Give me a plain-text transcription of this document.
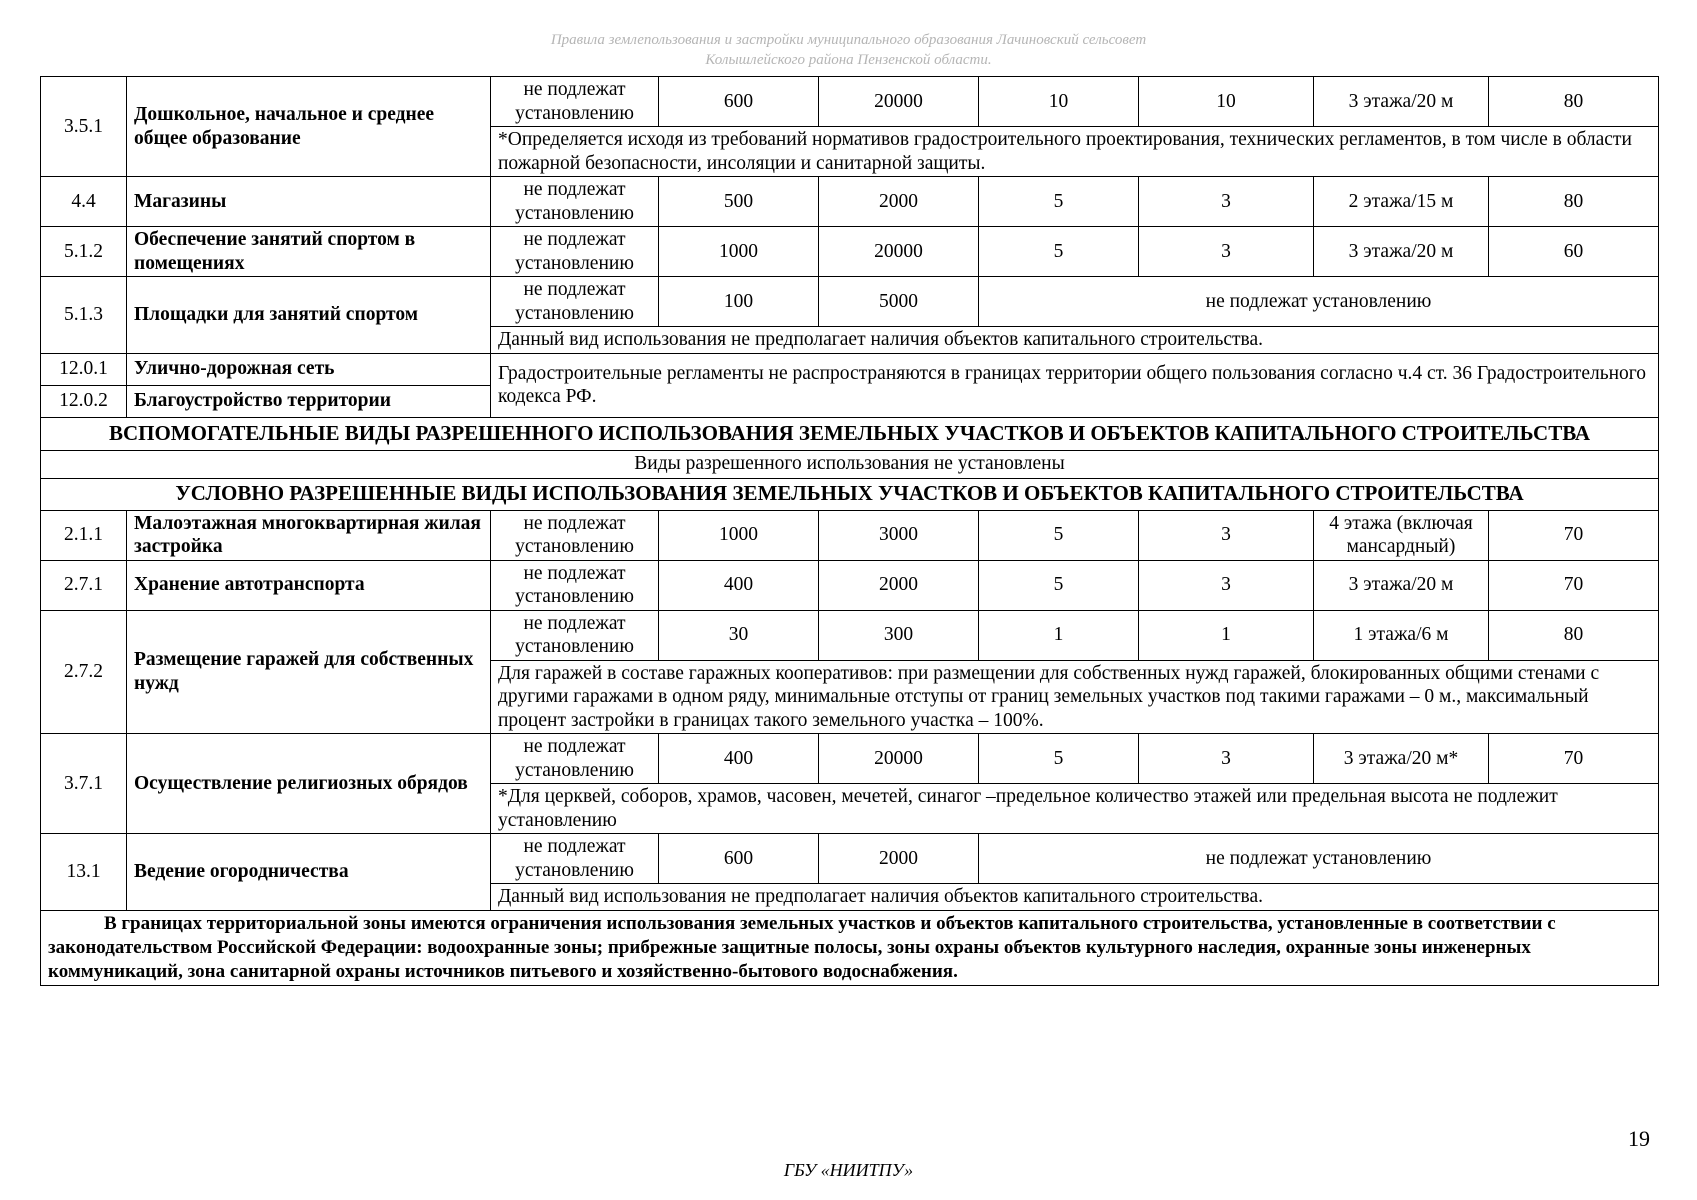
Правила землепользования и застройки муниципального образования Лачиновский сельсовет
Колышлейского района Пензенской области.
3.5.1	Дошкольное, начальное и среднее общее образование	не подлежат установлению	600	20000	10	10	3 этажа/20 м	80
		*Определяется исходя из требований нормативов градостроительного проектирования, технических регламентов, в том числе в области пожарной безопасности, инсоляции и санитарной защиты.						
4.4	Магазины	не подлежат установлению	500	2000	5	3	2 этажа/15 м	80
5.1.2	Обеспечение занятий спортом в помещениях	не подлежат установлению	1000	20000	5	3	3 этажа/20 м	60
5.1.3	Площадки для занятий спортом	не подлежат установлению	100	5000	не подлежат установлению			
		Данный вид использования не предполагает наличия объектов капитального строительства.						
12.0.1	Улично-дорожная сеть	Градостроительные регламенты не распространяются в границах территории общего пользования согласно ч.4 ст. 36 Градостроительного кодекса РФ.						
12.0.2	Благоустройство территории							
ВСПОМОГАТЕЛЬНЫЕ ВИДЫ РАЗРЕШЕННОГО ИСПОЛЬЗОВАНИЯ ЗЕМЕЛЬНЫХ УЧАСТКОВ И ОБЪЕКТОВ КАПИТАЛЬНОГО СТРОИТЕЛЬСТВА								
Виды разрешенного использования не установлены								
УСЛОВНО РАЗРЕШЕННЫЕ ВИДЫ ИСПОЛЬЗОВАНИЯ ЗЕМЕЛЬНЫХ УЧАСТКОВ И ОБЪЕКТОВ КАПИТАЛЬНОГО СТРОИТЕЛЬСТВА								
2.1.1	Малоэтажная многоквартирная жилая застройка	не подлежат установлению	1000	3000	5	3	4 этажа (включая мансардный)	70
2.7.1	Хранение автотранспорта	не подлежат установлению	400	2000	5	3	3 этажа/20 м	70
2.7.2	Размещение гаражей для собственных нужд	не подлежат установлению	30	300	1	1	1 этажа/6 м	80
		Для гаражей в составе гаражных кооперативов: при размещении для собственных нужд гаражей, блокированных общими стенами с другими гаражами в одном ряду, минимальные отступы от границ земельных участков под такими гаражами – 0 м., максимальный процент застройки в границах такого земельного участка – 100%.						
3.7.1	Осуществление религиозных обрядов	не подлежат установлению	400	20000	5	3	3 этажа/20 м*	70
		*Для церквей, соборов, храмов, часовен, мечетей, синагог –предельное количество этажей или предельная высота не подлежит установлению						
13.1	Ведение огородничества	не подлежат установлению	600	2000	не подлежат установлению			
		Данный вид использования не предполагает наличия объектов капитального строительства.						
В границах территориальной зоны имеются ограничения использования земельных участков и объектов капитального строительства, установленные в соответствии с законодательством Российской Федерации: водоохранные зоны; прибрежные защитные полосы, зоны охраны объектов культурного наследия, охранные зоны инженерных коммуникаций, зона санитарной охраны источников питьевого и хозяйственно-бытового водоснабжения.								
19
ГБУ «НИИТПУ»
